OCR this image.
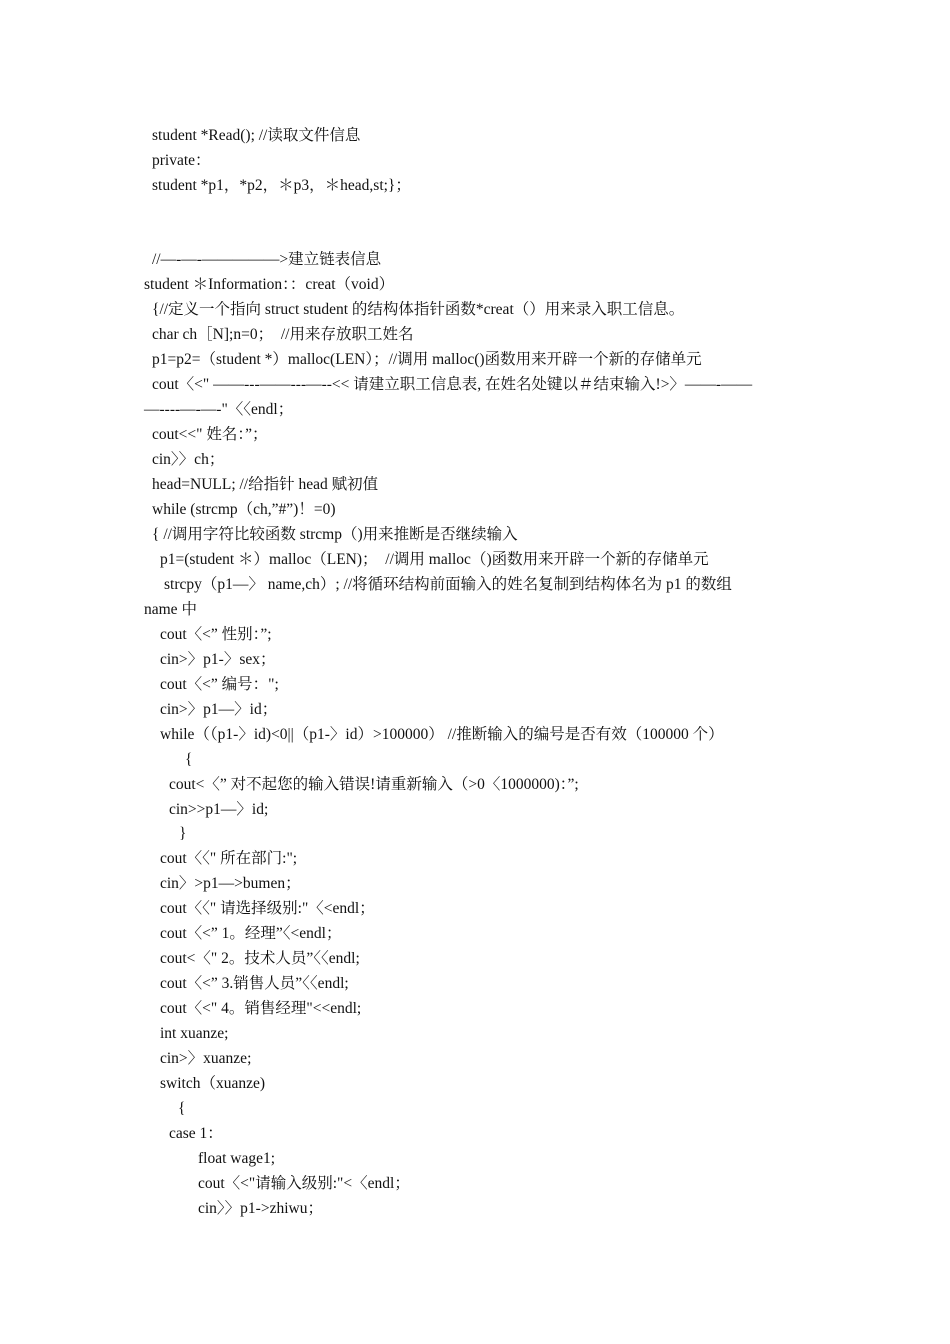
student *Read(); //读取文件信息
private：
student *p1，*p2，＊p3，＊head,st;}；
//—-—-—————>建立链表信息
student ＊Information：：creat（void）
{//定义一个指向 struct student 的结构体指针函数*creat（）用来录入职工信息。
char ch［N];n=0；  //用来存放职工姓名
p1=p2=（student *）malloc(LEN）；//调用 malloc()函数用来开辟一个新的存储单元
cout〈<" ——---——---—--<< 请建立职工信息表, 在姓名处键以＃结束输入!>〉——-——
—----—-—-"〈〈endl；
cout<<" 姓名：”；
cin〉〉ch；
head=NULL; //给指针 head 赋初值
while (strcmp（ch,”#”)！=0)
{ //调用字符比较函数 strcmp（)用来推断是否继续输入
p1=(student ＊）malloc（LEN)；  //调用 malloc（)函数用来开辟一个新的存储单元
strcpy（p1—〉 name,ch）; //将循环结构前面输入的姓名复制到结构体名为 p1 的数组
name 中
cout〈<” 性别：”;
cin>〉p1-〉sex；
cout〈<” 编号：";
cin>〉p1—〉id；
while（（p1-〉id)<0||（p1-〉id）>100000） //推断输入的编号是否有效（100000 个）
{
cout<〈” 对不起您的输入错误!请重新输入（>0〈1000000)：”;
cin>>p1—〉id;
}
cout〈〈" 所在部门:";
cin〉>p1—>bumen；
cout〈〈" 请选择级别:"〈<endl；
cout〈<” 1。经理”〈<endl；
cout<〈" 2。技术人员”〈〈endl;
cout〈<” 3.销售人员”〈〈endl;
cout〈<" 4。销售经理"<<endl;
int xuanze;
cin>〉xuanze;
switch（xuanze)
{
case 1：
float wage1;
cout〈<"请输入级别:"<〈endl；
cin〉〉p1->zhiwu；
